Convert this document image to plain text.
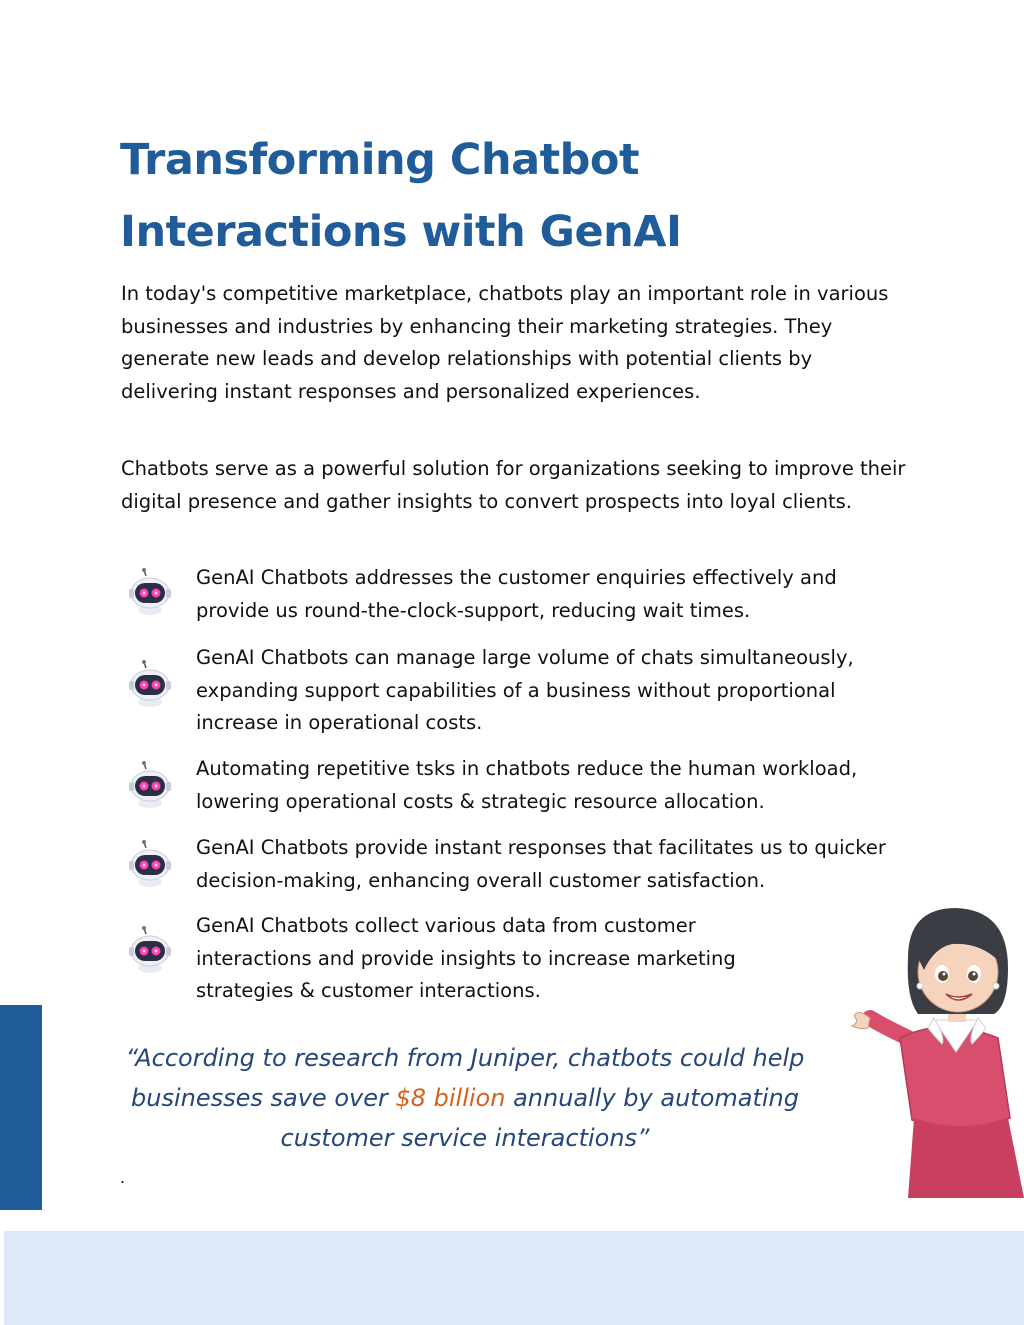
Transforming Chatbot
Interactions with GenAI

In today's competitive marketplace, chatbots play an important role in various businesses and industries by enhancing their marketing strategies. They generate new leads and develop relationships with potential clients by delivering instant responses and personalized experiences.

Chatbots serve as a powerful solution for organizations seeking to improve their digital presence and gather insights to convert prospects into loyal clients.

GenAI Chatbots addresses the customer enquiries effectively and provide us round-the-clock-support, reducing wait times.
GenAI Chatbots can manage large volume of chats simultaneously, expanding support capabilities of a business without proportional increase in operational costs.
Automating repetitive tsks in chatbots reduce the human workload, lowering operational costs & strategic resource allocation.
GenAI Chatbots provide instant responses that facilitates us to quicker decision-making, enhancing overall customer satisfaction.
GenAI Chatbots collect various data from customer interactions and provide insights to increase marketing strategies & customer interactions.

“According to research from Juniper, chatbots could help businesses save over $8 billion annually by automating customer service interactions”

.
